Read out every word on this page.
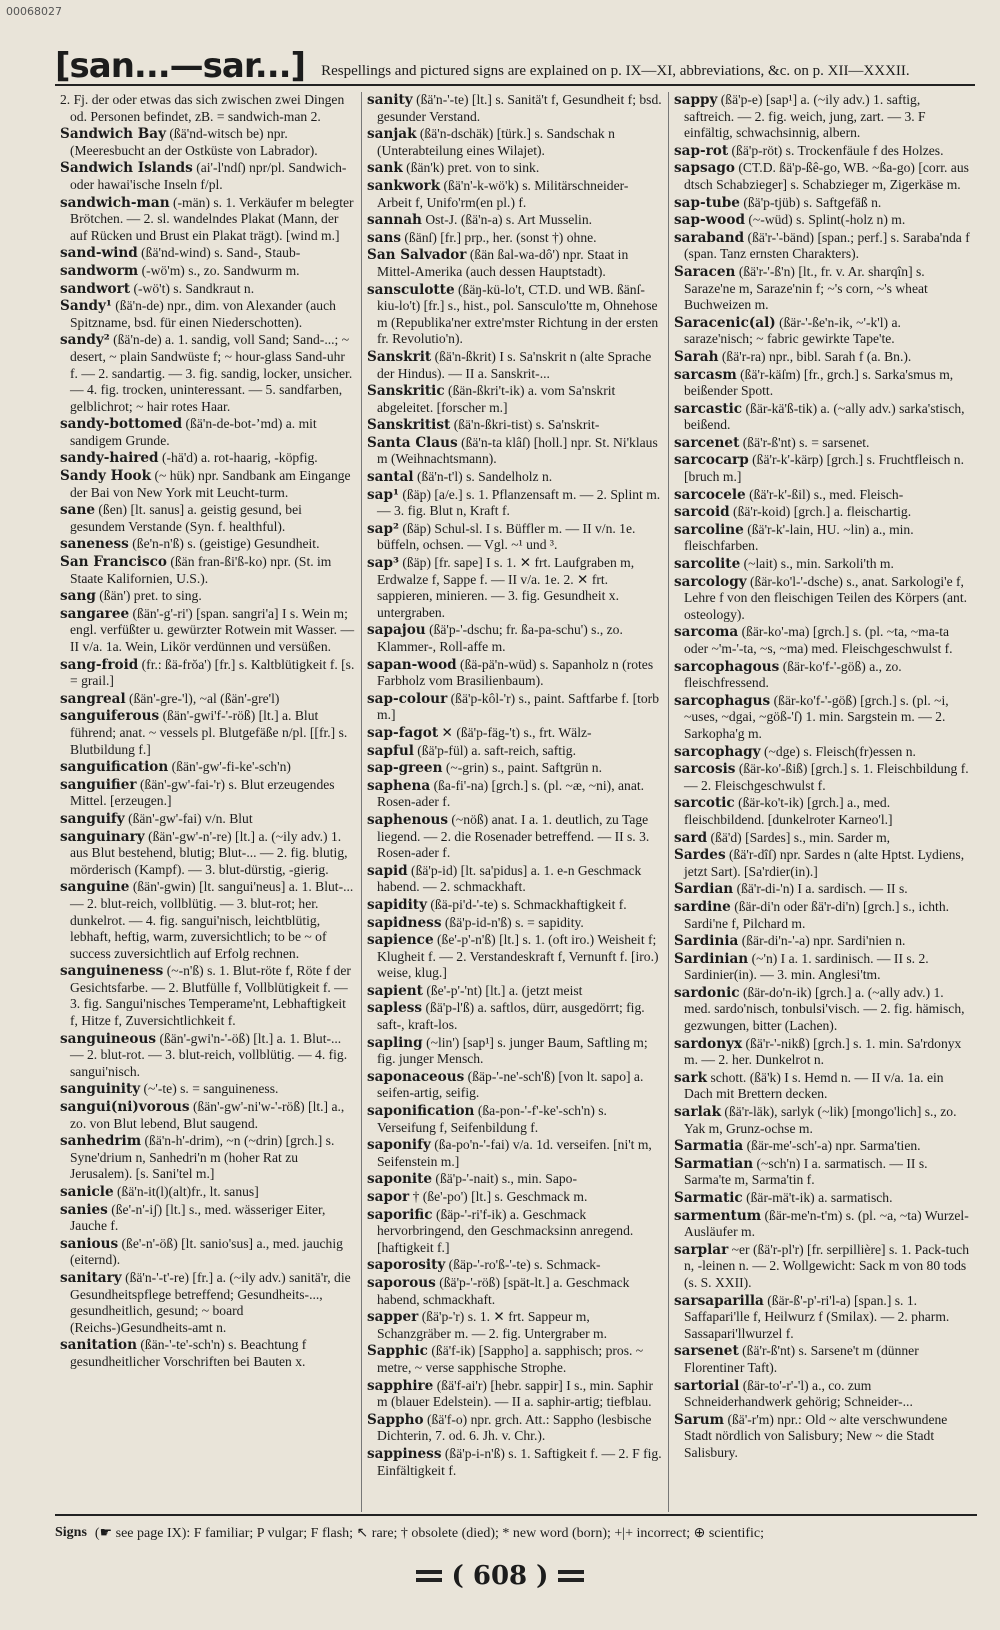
00068027
[san...—sar...] Respellings and pictured signs are explained on p. IX—XI, abbreviations, &c. on p. XII—XXXII.

2. Fj. der oder etwas das sich zwischen zwei Dingen od. Personen befindet, zB. = sandwich-man 2.

Sandwich Bay (ßä'nd-witsch be) npr. (Meeresbucht an der Ostküste von Labrador).

Sandwich Islands (ai'-l'ndſ) npr/pl. Sandwich- oder hawai'ische Inseln f/pl.

sandwich-man (-män) s. 1. Verkäufer m belegter Brötchen. — 2. sl. wandelndes Plakat (Mann, der auf Rücken und Brust ein Plakat trägt). [wind m.]

sand-wind (ßä'nd-wind) s. Sand-, Staub-

sandworm (-wö'm) s., zo. Sandwurm m.

sandwort (-wö't) s. Sandkraut n.

Sandy¹ (ßä'n-de) npr., dim. von Alexander (auch Spitzname, bsd. für einen Niederschotten).

sandy² (ßä'n-de) a. 1. sandig, voll Sand; Sand-...; ~ desert, ~ plain Sandwüste f; ~ hour-glass Sand-uhr f. — 2. sandartig. — 3. fig. sandig, locker, unsicher. — 4. fig. trocken, uninteressant. — 5. sandfarben, gelblichrot; ~ hair rotes Haar.

sandy-bottomed (ßä'n-de-bot-ʼmd) a. mit sandigem Grunde.

sandy-haired (-hä'd) a. rot-haarig, -köpfig.

Sandy Hook (~ hük) npr. Sandbank am Eingange der Bai von New York mit Leucht-turm.

sane (ßen) [lt. sanus] a. geistig gesund, bei gesundem Verstande (Syn. f. healthful).

saneness (ße'n-n'ß) s. (geistige) Gesundheit.

San Francisco (ßän fran-ßi'ß-ko) npr. (St. im Staate Kalifornien, U.S.).

sang (ßän') pret. to sing.

sangaree (ßän'-g'-ri') [span. sangri'a] I s. Wein m; engl. verfüßter u. gewürzter Rotwein mit Wasser. — II v/a. 1a. Wein, Likör verdünnen und versüßen.

sang-froid (fr.: ßä-frŏa') [fr.] s. Kaltblütigkeit f. [s. = grail.]

sangreal (ßän'-gre-'l), ~al (ßän'-gre'l)

sanguiferous (ßän'-gwi'f-'-röß) [lt.] a. Blut führend; anat. ~ vessels pl. Blutgefäße n/pl. [[fr.] s. Blutbildung f.]

sanguification (ßän'-gw'-fi-ke'-sch'n)

sanguifier (ßän'-gw'-fai-'r) s. Blut erzeugendes Mittel. [erzeugen.]

sanguify (ßän'-gw'-fai) v/n. Blut

sanguinary (ßän'-gw'-n'-re) [lt.] a. (~ily adv.) 1. aus Blut bestehend, blutig; Blut-... — 2. fig. blutig, mörderisch (Kampf). — 3. blut-dürstig, -gierig.

sanguine (ßän'-gwin) [lt. sangui'neus] a. 1. Blut-... — 2. blut-reich, vollblütig. — 3. blut-rot; her. dunkelrot. — 4. fig. sangui'nisch, leichtblütig, lebhaft, heftig, warm, zuversichtlich; to be ~ of success zuversichtlich auf Erfolg rechnen.

sanguineness (~-n'ß) s. 1. Blut-röte f, Röte f der Gesichtsfarbe. — 2. Blutfülle f, Vollblütigkeit f. — 3. fig. Sangui'nisches Temperame'nt, Lebhaftigkeit f, Hitze f, Zuversichtlichkeit f.

sanguineous (ßän'-gwi'n-'-öß) [lt.] a. 1. Blut-... — 2. blut-rot. — 3. blut-reich, vollblütig. — 4. fig. sangui'nisch.

sanguinity (~'-te) s. = sanguineness.

sangui(ni)vorous (ßän'-gw'-ni'w-'-röß) [lt.] a., zo. von Blut lebend, Blut saugend.

sanhedrim (ßä'n-h'-drim), ~n (~drin) [grch.] s. Syne'drium n, Sanhedri'n m (hoher Rat zu Jerusalem). [s. Sani'tel m.]

sanicle (ßä'n-it(l)(alt)fr., lt. sanus]

sanies (ße'-n'-iʃ) [lt.] s., med. wässeriger Eiter, Jauche f.

sanious (ße'-n'-öß) [lt. sanio'sus] a., med. jauchig (eiternd).

sanitary (ßä'n-'-t'-re) [fr.] a. (~ily adv.) sanitä'r, die Gesundheitspflege betreffend; Gesundheits-..., gesundheitlich, gesund; ~ board (Reichs-)Gesundheits-amt n.

sanitation (ßän-'-te'-sch'n) s. Beachtung f gesundheitlicher Vorschriften bei Bauten x.

sanity (ßä'n-'-te) [lt.] s. Sanitä't f, Gesundheit f; bsd. gesunder Verstand.

sanjak (ßä'n-dschäk) [türk.] s. Sandschak n (Unterabteilung eines Wilajet).

sank (ßän'k) pret. von to sink.

sankwork (ßä'n'-k-wö'k) s. Militärschneider-Arbeit f, Unifo'rm(en pl.) f.

sannah Ost-J. (ßä'n-a) s. Art Musselin.

sans (ßänſ) [fr.] prp., her. (sonst †) ohne.

San Salvador (ßän ßal-wa-dô') npr. Staat in Mittel-Amerika (auch dessen Hauptstadt).

sansculotte (ßäŋ-kü-lo't, CT.D. und WB. ßänſ-kiu-lo't) [fr.] s., hist., pol. Sansculo'tte m, Ohnehose m (Republika'ner extre'mster Richtung in der ersten fr. Revolutio'n).

Sanskrit (ßä'n-ßkrit) I s. Sa'nskrit n (alte Sprache der Hindus). — II a. Sanskrit-...

Sanskritic (ßän-ßkri't-ik) a. vom Sa'nskrit abgeleitet. [forscher m.]

Sanskritist (ßä'n-ßkri-tist) s. Sa'nskrit-

Santa Claus (ßä'n-ta klâſ) [holl.] npr. St. Ni'klaus m (Weihnachtsmann).

santal (ßä'n-t'l) s. Sandelholz n.

sap¹ (ßäp) [a/e.] s. 1. Pflanzensaft m. — 2. Splint m. — 3. fig. Blut n, Kraft f.

sap² (ßäp) Schul-sl. I s. Büffler m. — II v/n. 1e. büffeln, ochsen. — Vgl. ~¹ und ³.

sap³ (ßäp) [fr. sape] I s. 1. ✕ frt. Laufgraben m, Erdwalze f, Sappe f. — II v/a. 1e. 2. ✕ frt. sappieren, minieren. — 3. fig. Gesundheit x. untergraben.

sapajou (ßä'p-'-dschu; fr. ßa-pa-schu') s., zo. Klammer-, Roll-affe m.

sapan-wood (ßä-pä'n-wüd) s. Sapanholz n (rotes Farbholz vom Brasilienbaum).

sap-colour (ßä'p-kôl-'r) s., paint. Saftfarbe f. [torb m.]

sap-fagot ✕ (ßä'p-fäg-'t) s., frt. Wälz-

sapful (ßä'p-fül) a. saft-reich, saftig.

sap-green (~-grin) s., paint. Saftgrün n.

saphena (ßa-fi'-na) [grch.] s. (pl. ~æ, ~ni), anat. Rosen-ader f.

saphenous (~nöß) anat. I a. 1. deutlich, zu Tage liegend. — 2. die Rosenader betreffend. — II s. 3. Rosen-ader f.

sapid (ßä'p-id) [lt. sa'pidus] a. 1. e-n Geschmack habend. — 2. schmackhaft.

sapidity (ßä-pi'd-'-te) s. Schmackhaftigkeit f.

sapidness (ßä'p-id-n'ß) s. = sapidity.

sapience (ße'-p'-n'ß) [lt.] s. 1. (oft iro.) Weisheit f; Klugheit f. — 2. Verstandeskraft f, Vernunft f. [iro.) weise, klug.]

sapient (ße'-p'-'nt) [lt.] a. (jetzt meist

sapless (ßä'p-l'ß) a. saftlos, dürr, ausgedörrt; fig. saft-, kraft-los.

sapling (~lin') [sap¹] s. junger Baum, Saftling m; fig. junger Mensch.

saponaceous (ßäp-'-ne'-sch'ß) [von lt. sapo] a. seifen-artig, seifig.

saponification (ßa-pon-'-f'-ke'-sch'n) s. Verseifung f, Seifenbildung f.

saponify (ßa-po'n-'-fai) v/a. 1d. verseifen. [ni't m, Seifenstein m.]

saponite (ßä'p-'-nait) s., min. Sapo-

sapor † (ße'-po') [lt.] s. Geschmack m.

saporific (ßäp-'-ri'f-ik) a. Geschmack hervorbringend, den Geschmacksinn anregend. [haftigkeit f.]

saporosity (ßäp-'-ro'ß-'-te) s. Schmack-

saporous (ßä'p-'-röß) [spät-lt.] a. Geschmack habend, schmackhaft.

sapper (ßä'p-'r) s. 1. ✕ frt. Sappeur m, Schanzgräber m. — 2. fig. Untergraber m.

Sapphic (ßä'f-ik) [Sappho] a. sapphisch; pros. ~ metre, ~ verse sapphische Strophe.

sapphire (ßä'f-ai'r) [hebr. sappir] I s., min. Saphir m (blauer Edelstein). — II a. saphir-artig; tiefblau.

Sappho (ßä'f-o) npr. grch. Att.: Sappho (lesbische Dichterin, 7. od. 6. Jh. v. Chr.).

sappiness (ßä'p-i-n'ß) s. 1. Saftigkeit f. — 2. F fig. Einfältigkeit f.

sappy (ßä'p-e) [sap¹] a. (~ily adv.) 1. saftig, saftreich. — 2. fig. weich, jung, zart. — 3. F einfältig, schwachsinnig, albern.

sap-rot (ßä'p-röt) s. Trockenfäule f des Holzes.

sapsago (CT.D. ßä'p-ßê-go, WB. ~ßa-go) [corr. aus dtsch Schabzieger] s. Schabzieger m, Zigerkäse m.

sap-tube (ßä'p-tjüb) s. Saftgefäß n.

sap-wood (~-wüd) s. Splint(-holz n) m.

saraband (ßä'r-'-bänd) [span.; perf.] s. Saraba'nda f (span. Tanz ernsten Charakters).

Saracen (ßä'r-'-ß'n) [lt., fr. v. Ar. sharqîn] s. Saraze'ne m, Saraze'nin f; ~'s corn, ~'s wheat Buchweizen m.

Saracenic(al) (ßär-'-ße'n-ik, ~'-k'l) a. saraze'nisch; ~ fabric gewirkte Tape'te.

Sarah (ßä'r-ra) npr., bibl. Sarah f (a. Bn.).

sarcasm (ßä'r-käſm) [fr., grch.] s. Sarka'smus m, beißender Spott.

sarcastic (ßär-kä'ß-tik) a. (~ally adv.) sarka'stisch, beißend.

sarcenet (ßä'r-ß'nt) s. = sarsenet.

sarcocarp (ßä'r-k'-kärp) [grch.] s. Fruchtfleisch n. [bruch m.]

sarcocele (ßä'r-k'-ßil) s., med. Fleisch-

sarcoid (ßä'r-koid) [grch.] a. fleischartig.

sarcoline (ßä'r-k'-lain, HU. ~lin) a., min. fleischfarben.

sarcolite (~lait) s., min. Sarkoli'th m.

sarcology (ßär-ko'l-'-dsche) s., anat. Sarkologi'e f, Lehre f von den fleischigen Teilen des Körpers (ant. osteology).

sarcoma (ßär-ko'-ma) [grch.] s. (pl. ~ta, ~ma-ta oder ~'m-'-ta, ~s, ~ma) med. Fleischgeschwulst f.

sarcophagous (ßär-ko'f-'-göß) a., zo. fleischfressend.

sarcophagus (ßär-ko'f-'-göß) [grch.] s. (pl. ~i, ~uses, ~dgai, ~göß-'ſ) 1. min. Sargstein m. — 2. Sarkopha'g m.

sarcophagy (~dge) s. Fleisch(fr)essen n.

sarcosis (ßär-ko'-ßiß) [grch.] s. 1. Fleischbildung f. — 2. Fleischgeschwulst f.

sarcotic (ßär-ko't-ik) [grch.] a., med. fleischbildend. [dunkelroter Karneo'l.]

sard (ßä'd) [Sardes] s., min. Sarder m,

Sardes (ßä'r-dîſ) npr. Sardes n (alte Hptst. Lydiens, jetzt Sart). [Sa'rdier(in).]

Sardian (ßä'r-di-'n) I a. sardisch. — II s.

sardine (ßär-di'n oder ßä'r-di'n) [grch.] s., ichth. Sardi'ne f, Pilchard m.

Sardinia (ßär-di'n-'-a) npr. Sardi'nien n.

Sardinian (~'n) I a. 1. sardinisch. — II s. 2. Sardinier(in). — 3. min. Anglesi'tm.

sardonic (ßär-do'n-ik) [grch.] a. (~ally adv.) 1. med. sardo'nisch, tonbulsi'visch. — 2. fig. hämisch, gezwungen, bitter (Lachen).

sardonyx (ßä'r-'-nikß) [grch.] s. 1. min. Sa'rdonyx m. — 2. her. Dunkelrot n.

sark schott. (ßä'k) I s. Hemd n. — II v/a. 1a. ein Dach mit Brettern decken.

sarlak (ßä'r-läk), sarlyk (~lik) [mongo'lich] s., zo. Yak m, Grunz-ochse m.

Sarmatia (ßär-me'-sch'-a) npr. Sarma'tien.

Sarmatian (~sch'n) I a. sarmatisch. — II s. Sarma'te m, Sarma'tin f.

Sarmatic (ßär-mä't-ik) a. sarmatisch.

sarmentum (ßär-me'n-t'm) s. (pl. ~a, ~ta) Wurzel-Ausläufer m.

sarplar ~er (ßä'r-pl'r) [fr. serpillière] s. 1. Pack-tuch n, -leinen n. — 2. Wollgewicht: Sack m von 80 tods (s. S. XXII).

sarsaparilla (ßär-ß'-p'-ri'l-a) [span.] s. 1. Saffapari'lle f, Heilwurz f (Smilax). — 2. pharm. Sassapari'llwurzel f.

sarsenet (ßä'r-ß'nt) s. Sarsene't m (dünner Florentiner Taft).

sartorial (ßär-to'-r'-'l) a., co. zum Schneiderhandwerk gehörig; Schneider-...

Sarum (ßä'-r'm) npr.: Old ~ alte verschwundene Stadt nördlich von Salisbury; New ~ die Stadt Salisbury.

Signs (☛ see page IX): F familiar; P vulgar; F flash; ↖ rare; † obsolete (died); * new word (born); +|+ incorrect; ⊕ scientific;
( 608 )
